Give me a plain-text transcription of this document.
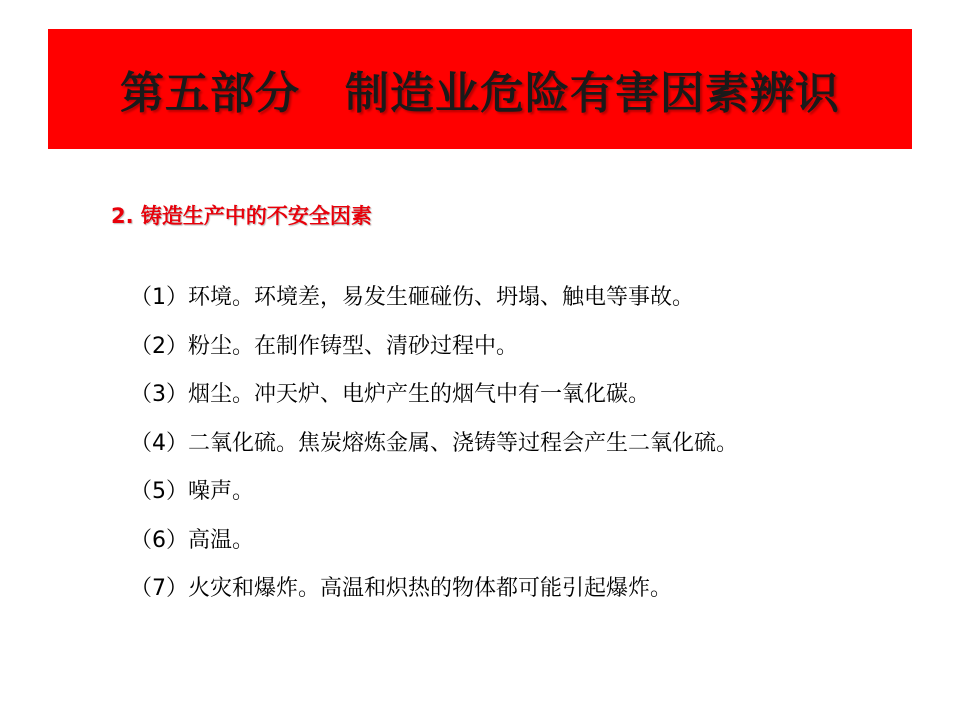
第五部分　制造业危险有害因素辨识
2. 铸造生产中的不安全因素
（1）环境。环境差，易发生砸碰伤、坍塌、触电等事故。
（2）粉尘。在制作铸型、清砂过程中。
（3）烟尘。冲天炉、电炉产生的烟气中有一氧化碳。
（4）二氧化硫。焦炭熔炼金属、浇铸等过程会产生二氧化硫。
（5）噪声。
（6）高温。
（7）火灾和爆炸。高温和炽热的物体都可能引起爆炸。
